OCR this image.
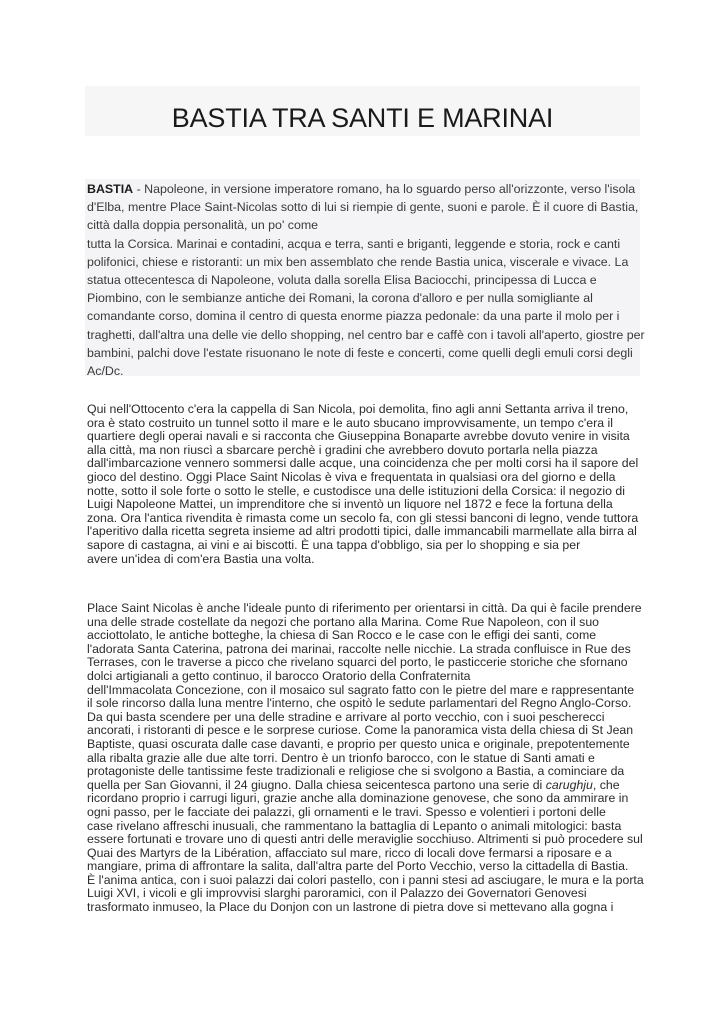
BASTIA TRA SANTI E MARINAI
BASTIA - Napoleone, in versione imperatore romano, ha lo sguardo perso all'orizzonte, verso l'isola
d'Elba, mentre Place Saint-Nicolas sotto di lui si riempie di gente, suoni e parole. È il cuore di Bastia,
città dalla doppia personalità, un po' come
tutta la Corsica. Marinai e contadini, acqua e terra, santi e briganti, leggende e storia, rock e canti
polifonici, chiese e ristoranti: un mix ben assemblato che rende Bastia unica, viscerale e vivace. La
statua ottecentesca di Napoleone, voluta dalla sorella Elisa Baciocchi, principessa di Lucca e
Piombino, con le sembianze antiche dei Romani, la corona d'alloro e per nulla somigliante al
comandante corso, domina il centro di questa enorme piazza pedonale: da una parte il molo per i
traghetti, dall'altra una delle vie dello shopping, nel centro bar e caffè con i tavoli all'aperto, giostre per
bambini, palchi dove l'estate risuonano le note di feste e concerti, come quelli degli emuli corsi degli
Ac/Dc.
Qui nell'Ottocento c'era la cappella di San Nicola, poi demolita, fino agli anni Settanta arriva il treno,
ora è stato costruito un tunnel sotto il mare e le auto sbucano improvvisamente, un tempo c'era il
quartiere degli operai navali e si racconta che Giuseppina Bonaparte avrebbe dovuto venire in visita
alla città, ma non riuscì a sbarcare perchè i gradini che avrebbero dovuto portarla nella piazza
dall'imbarcazione vennero sommersi dalle acque, una coincidenza che per molti corsi ha il sapore del
gioco del destino. Oggi Place Saint Nicolas è viva e frequentata in qualsiasi ora del giorno e della
notte, sotto il sole forte o sotto le stelle, e custodisce una delle istituzioni della Corsica: il negozio di
Luigi Napoleone Mattei, un imprenditore che si inventò un liquore nel 1872 e fece la fortuna della
zona. Ora l'antica rivendita è rimasta come un secolo fa, con gli stessi banconi di legno, vende tuttora
l'aperitivo dalla ricetta segreta insieme ad altri prodotti tipici, dalle immancabili marmellate alla birra al
sapore di castagna, ai vini e ai biscotti. È una tappa d'obbligo, sia per lo shopping e sia per
avere un'idea di com'era Bastia una volta.
Place Saint Nicolas è anche l'ideale punto di riferimento per orientarsi in città. Da qui è facile prendere
una delle strade costellate da negozi che portano alla Marina. Come Rue Napoleon, con il suo
acciottolato, le antiche botteghe, la chiesa di San Rocco e le case con le effigi dei santi, come
l'adorata Santa Caterina, patrona dei marinai, raccolte nelle nicchie. La strada confluisce in Rue des
Terrases, con le traverse a picco che rivelano squarci del porto, le pasticcerie storiche che sfornano
dolci artigianali a getto continuo, il barocco Oratorio della Confraternita
dell'Immacolata Concezione, con il mosaico sul sagrato fatto con le pietre del mare e rappresentante
il sole rincorso dalla luna mentre l'interno, che ospitò le sedute parlamentari del Regno Anglo-Corso.
Da qui basta scendere per una delle stradine e arrivare al porto vecchio, con i suoi pescherecci
ancorati, i ristoranti di pesce e le sorprese curiose. Come la panoramica vista della chiesa di St Jean
Baptiste, quasi oscurata dalle case davanti, e proprio per questo unica e originale, prepotentemente
alla ribalta grazie alle due alte torri. Dentro è un trionfo barocco, con le statue di Santi amati e
protagoniste delle tantissime feste tradizionali e religiose che si svolgono a Bastia, a cominciare da
quella per San Giovanni, il 24 giugno. Dalla chiesa seicentesca partono una serie di carughju, che
ricordano proprio i carrugi liguri, grazie anche alla dominazione genovese, che sono da ammirare in
ogni passo, per le facciate dei palazzi, gli ornamenti e le travi. Spesso e volentieri i portoni delle
case rivelano affreschi inusuali, che rammentano la battaglia di Lepanto o animali mitologici: basta
essere fortunati e trovare uno di questi antri delle meraviglie socchiuso. Altrimenti si può procedere sul
Quai des Martyrs de la Libération, affacciato sul mare, ricco di locali dove fermarsi a riposare e a
mangiare, prima di affrontare la salita, dall'altra parte del Porto Vecchio, verso la cittadella di Bastia.
È l'anima antica, con i suoi palazzi dai colori pastello, con i panni stesi ad asciugare, le mura e la porta
Luigi XVI, i vicoli e gli improvvisi slarghi paroramici, con il Palazzo dei Governatori Genovesi
trasformato inmuseo, la Place du Donjon con un lastrone di pietra dove si mettevano alla gogna i
